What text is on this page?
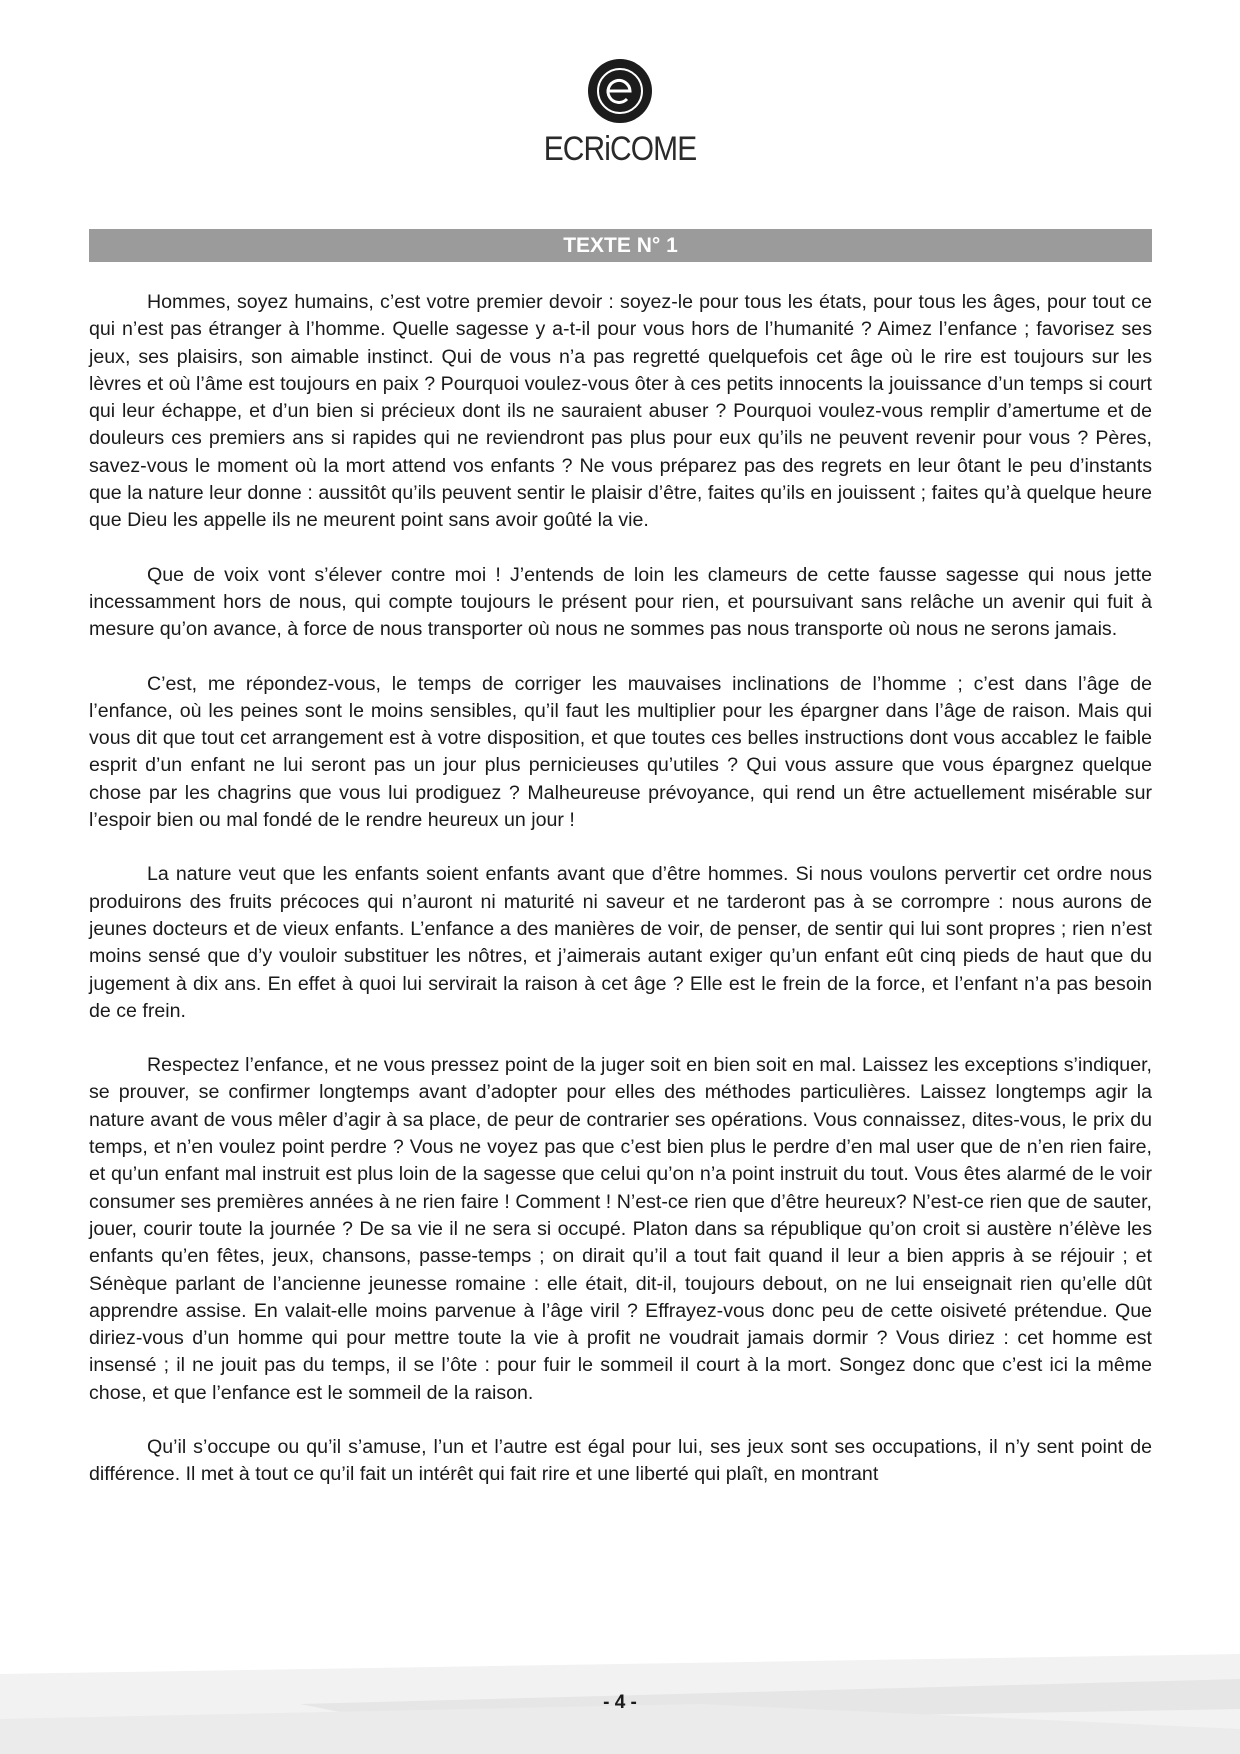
ECRiCOME
TEXTE N° 1

Hommes, soyez humains, c’est votre premier devoir : soyez-le pour tous les états, pour tous les âges, pour tout ce qui n’est pas étranger à l’homme. Quelle sagesse y a-t-il pour vous hors de l’humanité ? Aimez l’enfance ; favorisez ses jeux, ses plaisirs, son aimable instinct. Qui de vous n’a pas regretté quelquefois cet âge où le rire est toujours sur les lèvres et où l’âme est toujours en paix ? Pourquoi voulez-vous ôter à ces petits innocents la jouissance d’un temps si court qui leur échappe, et d’un bien si précieux dont ils ne sauraient abuser ? Pourquoi voulez-vous remplir d’amertume et de douleurs ces premiers ans si rapides qui ne reviendront pas plus pour eux qu’ils ne peuvent revenir pour vous ? Pères, savez-vous le moment où la mort attend vos enfants ? Ne vous préparez pas des regrets en leur ôtant le peu d’instants que la nature leur donne : aussitôt qu’ils peuvent sentir le plaisir d’être, faites qu’ils en jouissent ; faites qu’à quelque heure que Dieu les appelle ils ne meurent point sans avoir goûté la vie.

Que de voix vont s’élever contre moi ! J’entends de loin les clameurs de cette fausse sagesse qui nous jette incessamment hors de nous, qui compte toujours le présent pour rien, et poursuivant sans relâche un avenir qui fuit à mesure qu’on avance, à force de nous transporter où nous ne sommes pas nous transporte où nous ne serons jamais.

C’est, me répondez-vous, le temps de corriger les mauvaises inclinations de l’homme ; c’est dans l’âge de l’enfance, où les peines sont le moins sensibles, qu’il faut les multiplier pour les épargner dans l’âge de raison. Mais qui vous dit que tout cet arrangement est à votre disposition, et que toutes ces belles instructions dont vous accablez le faible esprit d’un enfant ne lui seront pas un jour plus pernicieuses qu’utiles ? Qui vous assure que vous épargnez quelque chose par les chagrins que vous lui prodiguez ? Malheureuse prévoyance, qui rend un être actuellement misérable sur l’espoir bien ou mal fondé de le rendre heureux un jour !

La nature veut que les enfants soient enfants avant que d’être hommes. Si nous voulons pervertir cet ordre nous produirons des fruits précoces qui n’auront ni maturité ni saveur et ne tarderont pas à se corrompre : nous aurons de jeunes docteurs et de vieux enfants. L’enfance a des manières de voir, de penser, de sentir qui lui sont propres ; rien n’est moins sensé que d’y vouloir substituer les nôtres, et j’aimerais autant exiger qu’un enfant eût cinq pieds de haut que du jugement à dix ans. En effet à quoi lui servirait la raison à cet âge ? Elle est le frein de la force, et l’enfant n’a pas besoin de ce frein.

Respectez l’enfance, et ne vous pressez point de la juger soit en bien soit en mal. Laissez les exceptions s’indiquer, se prouver, se confirmer longtemps avant d’adopter pour elles des méthodes particulières. Laissez longtemps agir la nature avant de vous mêler d’agir à sa place, de peur de contrarier ses opérations. Vous connaissez, dites-vous, le prix du temps, et n’en voulez point perdre ? Vous ne voyez pas que c’est bien plus le perdre d’en mal user que de n’en rien faire, et qu’un enfant mal instruit est plus loin de la sagesse que celui qu’on n’a point instruit du tout. Vous êtes alarmé de le voir consumer ses premières années à ne rien faire ! Comment ! N’est-ce rien que d’être heureux? N’est-ce rien que de sauter, jouer, courir toute la journée ? De sa vie il ne sera si occupé. Platon dans sa république qu’on croit si austère n’élève les enfants qu’en fêtes, jeux, chansons, passe-temps ; on dirait qu’il a tout fait quand il leur a bien appris à se réjouir ; et Sénèque parlant de l’ancienne jeunesse romaine : elle était, dit-il, toujours debout, on ne lui enseignait rien qu’elle dût apprendre assise. En valait-elle moins parvenue à l’âge viril ? Effrayez-vous donc peu de cette oisiveté prétendue. Que diriez-vous d’un homme qui pour mettre toute la vie à profit ne voudrait jamais dormir ? Vous diriez : cet homme est insensé ; il ne jouit pas du temps, il se l’ôte : pour fuir le sommeil il court à la mort. Songez donc que c’est ici la même chose, et que l’enfance est le sommeil de la raison.

Qu’il s’occupe ou qu’il s’amuse, l’un et l’autre est égal pour lui, ses jeux sont ses occupations, il n’y sent point de différence. Il met à tout ce qu’il fait un intérêt qui fait rire et une liberté qui plaît, en montrant

- 4 -
